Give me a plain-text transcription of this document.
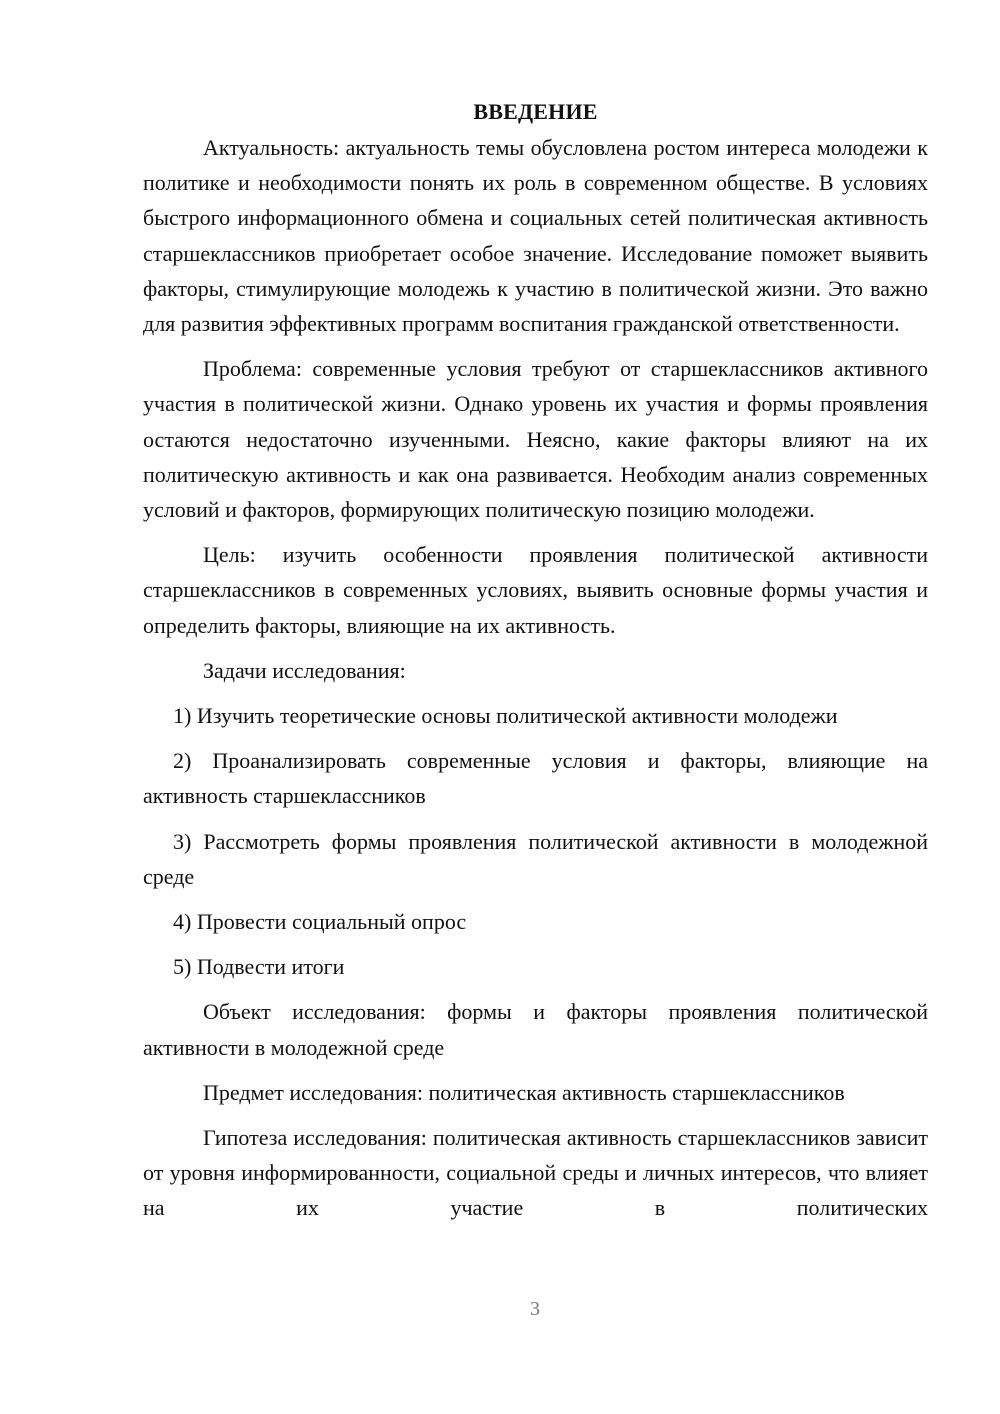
ВВЕДЕНИЕ

Актуальность: актуальность темы обусловлена ростом интереса молодежи к политике и необходимости понять их роль в современном обществе. В условиях быстрого информационного обмена и социальных сетей политическая активность старшеклассников приобретает особое значение. Исследование поможет выявить факторы, стимулирующие молодежь к участию в политической жизни. Это важно для развития эффективных программ воспитания гражданской ответственности.

Проблема: современные условия требуют от старшеклассников активного участия в политической жизни. Однако уровень их участия и формы проявления остаются недостаточно изученными. Неясно, какие факторы влияют на их политическую активность и как она развивается. Необходим анализ современных условий и факторов, формирующих политическую позицию молодежи.

Цель: изучить особенности проявления политической активности старшеклассников в современных условиях, выявить основные формы участия и определить факторы, влияющие на их активность.

Задачи исследования:

1) Изучить теоретические основы политической активности молодежи

2) Проанализировать современные условия и факторы, влияющие на активность старшеклассников

3) Рассмотреть формы проявления политической активности в молодежной среде

4) Провести социальный опрос

5) Подвести итоги

Объект исследования: формы и факторы проявления политической активности в молодежной среде

Предмет исследования: политическая активность старшеклассников

Гипотеза исследования: политическая активность старшеклассников зависит от уровня информированности, социальной среды и личных интересов, что влияет на их участие в политических

3
